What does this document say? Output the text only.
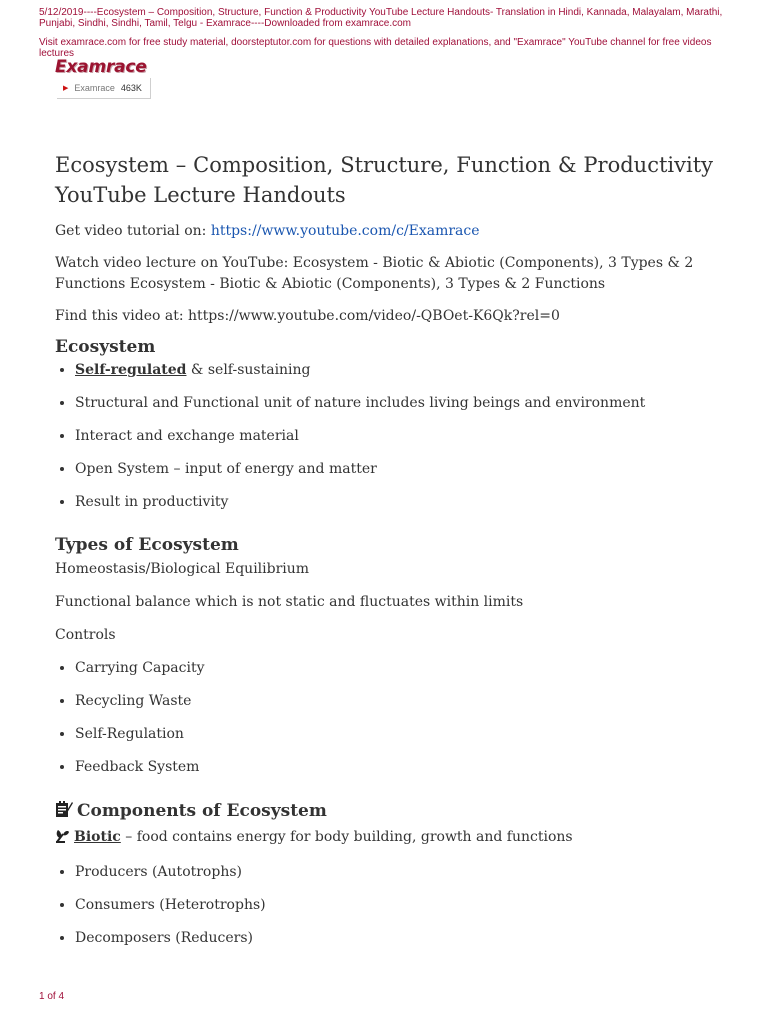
5/12/2019----Ecosystem – Composition, Structure, Function & Productivity YouTube Lecture Handouts- Translation in Hindi, Kannada, Malayalam, Marathi, Punjabi, Sindhi, Sindhi, Tamil, Telgu - Examrace----Downloaded from examrace.com
Visit examrace.com for free study material, doorsteptutor.com for questions with detailed explanations, and "Examrace" YouTube channel for free videos lectures
Examrace
▶ Examrace 463K
Ecosystem – Composition, Structure, Function & Productivity YouTube Lecture Handouts

Get video tutorial on: https://www.youtube.com/c/Examrace

Watch video lecture on YouTube: Ecosystem - Biotic & Abiotic (Components), 3 Types & 2 Functions Ecosystem - Biotic & Abiotic (Components), 3 Types & 2 Functions

Find this video at: https://www.youtube.com/video/-QBOet-K6Qk?rel=0

Ecosystem
• Self-regulated & self-sustaining
• Structural and Functional unit of nature includes living beings and environment
• Interact and exchange material
• Open System – input of energy and matter
• Result in productivity
Types of Ecosystem

Homeostasis/Biological Equilibrium

Functional balance which is not static and fluctuates within limits

Controls

• Carrying Capacity
• Recycling Waste
• Self-Regulation
• Feedback System
Components of Ecosystem

Biotic – food contains energy for body building, growth and functions

• Producers (Autotrophs)
• Consumers (Heterotrophs)
• Decomposers (Reducers)
1 of 4
